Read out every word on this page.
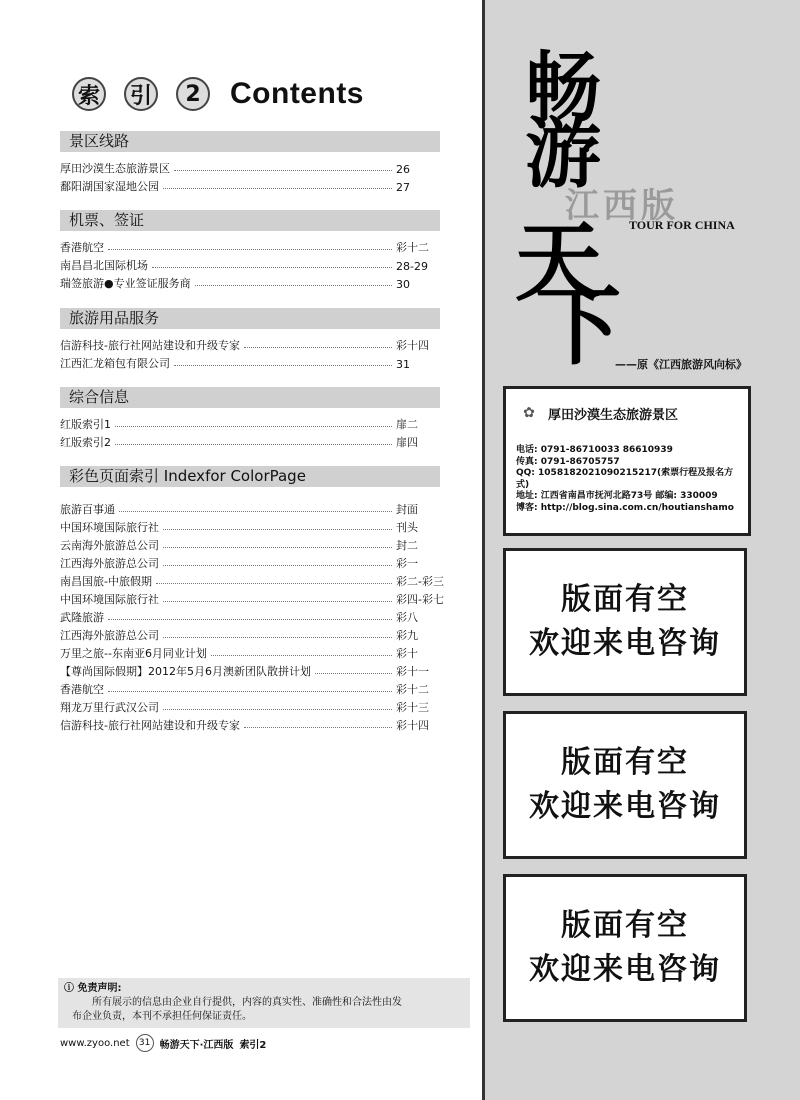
索 引	2 Contents
景区线路
厚田沙漠生态旅游景区	26
鄱阳湖国家湿地公园	27
机票、签证
香港航空	彩十二
南昌昌北国际机场	28-29
瑞签旅游●专业签证服务商	30
旅游用品服务
信游科技-旅行社网站建设和升级专家	彩十四
江西汇龙箱包有限公司	31
综合信息
红版索引1	扉二
红版索引2	扉四
彩色页面索引 Indexfor ColorPage
旅游百事通	封面
中国环境国际旅行社	刊头
云南海外旅游总公司	封二
江西海外旅游总公司	彩一
南昌国旅-中旅假期	彩二-彩三
中国环境国际旅行社	彩四-彩七
武隆旅游	彩八
江西海外旅游总公司	彩九
万里之旅--东南亚6月同业计划	彩十
【尊尚国际假期】2012年5月6月澳新团队散拼计划	彩十一
香港航空	彩十二
翔龙万里行武汉公司	彩十三
信游科技-旅行社网站建设和升级专家	彩十四
ⓘ 免责声明:
所有展示的信息由企业自行提供，内容的真实性、准确性和合法性由发
布企业负责，本刊不承担任何保证责任。
www.zyoo.net	31 畅游天下·江西版 索引2
畅
游
江西版
TOUR FOR CHINA
天
下
——原《江西旅游风向标》
✿	厚田沙漠生态旅游景区
电话: 0791-86710033 86610939
传真: 0791-86705757
QQ: 1058182021090215217(索票行程及报名方式)
地址: 江西省南昌市抚河北路73号 邮编: 330009
博客: http://blog.sina.com.cn/houtianshamo
版面有空
欢迎来电咨询
版面有空
欢迎来电咨询
版面有空
欢迎来电咨询
